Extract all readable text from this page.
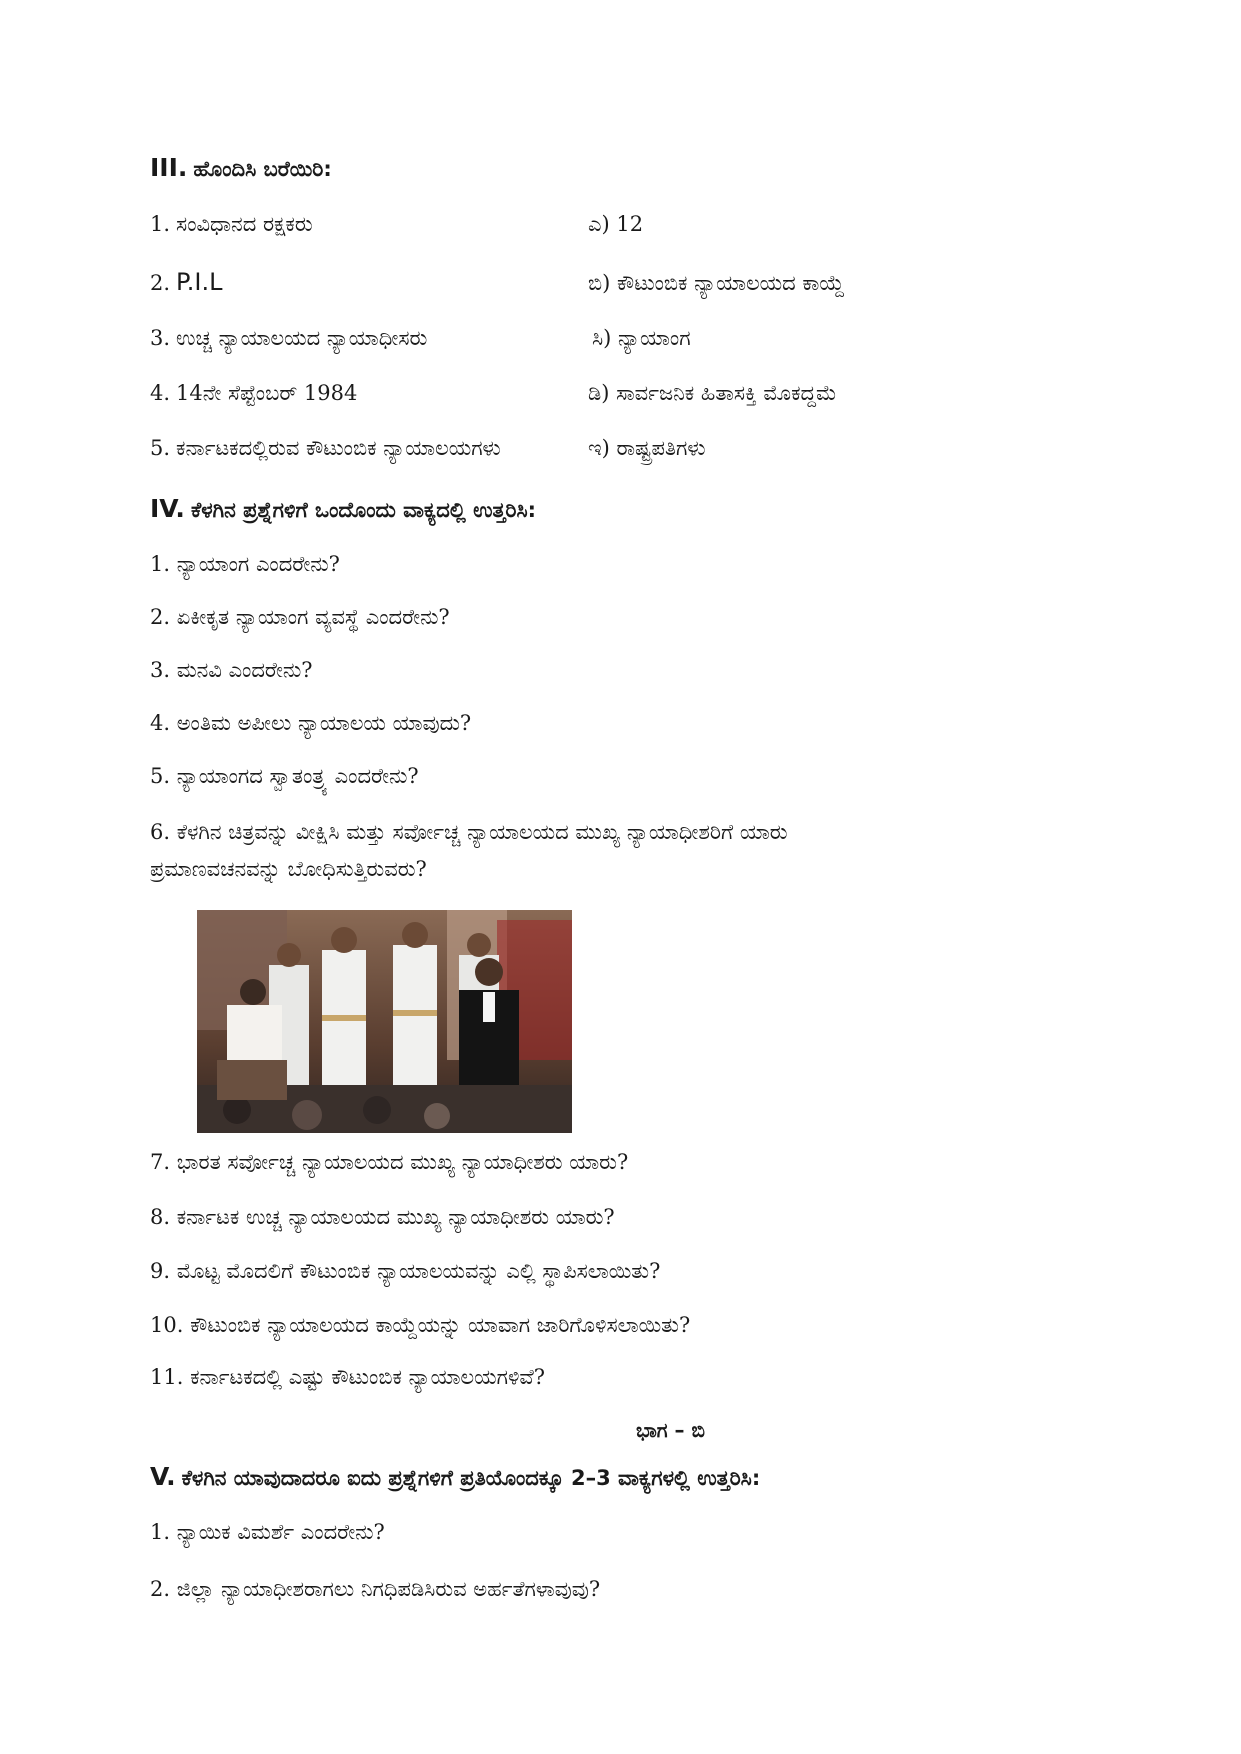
III. ಹೊಂದಿಸಿ ಬರೆಯಿರಿ:
1. ಸಂವಿಧಾನದ ರಕ್ಷಕರು	ಎ) 12
2. P.I.L	ಬಿ) ಕೌಟುಂಬಿಕ ನ್ಯಾಯಾಲಯದ ಕಾಯ್ದೆ
3. ಉಚ್ಚ ನ್ಯಾಯಾಲಯದ ನ್ಯಾಯಾಧೀಸರು	ಸಿ) ನ್ಯಾಯಾಂಗ
4. 14ನೇ ಸೆಪ್ಟೆಂಬರ್ 1984	ಡಿ) ಸಾರ್ವಜನಿಕ ಹಿತಾಸಕ್ತಿ ಮೊಕದ್ದಮೆ
5. ಕರ್ನಾಟಕದಲ್ಲಿರುವ ಕೌಟುಂಬಿಕ ನ್ಯಾಯಾಲಯಗಳು	ಇ) ರಾಷ್ಟ್ರಪತಿಗಳು
IV. ಕೆಳಗಿನ ಪ್ರಶ್ನೆಗಳಿಗೆ ಒಂದೊಂದು ವಾಕ್ಯದಲ್ಲಿ ಉತ್ತರಿಸಿ:
1. ನ್ಯಾಯಾಂಗ ಎಂದರೇನು?
2. ಏಕೀಕೃತ ನ್ಯಾಯಾಂಗ ವ್ಯವಸ್ಥೆ ಎಂದರೇನು?
3. ಮನವಿ ಎಂದರೇನು?
4. ಅಂತಿಮ ಅಪೀಲು ನ್ಯಾಯಾಲಯ ಯಾವುದು?
5. ನ್ಯಾಯಾಂಗದ ಸ್ವಾತಂತ್ರ್ಯ ಎಂದರೇನು?
6. ಕೆಳಗಿನ ಚಿತ್ರವನ್ನು ವೀಕ್ಷಿಸಿ ಮತ್ತು ಸರ್ವೋಚ್ಚ ನ್ಯಾಯಾಲಯದ ಮುಖ್ಯ ನ್ಯಾಯಾಧೀಶರಿಗೆ ಯಾರು
ಪ್ರಮಾಣವಚನವನ್ನು ಬೋಧಿಸುತ್ತಿರುವರು?
7. ಭಾರತ ಸರ್ವೋಚ್ಚ ನ್ಯಾಯಾಲಯದ ಮುಖ್ಯ ನ್ಯಾಯಾಧೀಶರು ಯಾರು?
8. ಕರ್ನಾಟಕ ಉಚ್ಚ ನ್ಯಾಯಾಲಯದ ಮುಖ್ಯ ನ್ಯಾಯಾಧೀಶರು ಯಾರು?
9. ಮೊಟ್ಟ ಮೊದಲಿಗೆ ಕೌಟುಂಬಿಕ ನ್ಯಾಯಾಲಯವನ್ನು ಎಲ್ಲಿ ಸ್ಥಾಪಿಸಲಾಯಿತು?
10. ಕೌಟುಂಬಿಕ ನ್ಯಾಯಾಲಯದ ಕಾಯ್ದೆಯನ್ನು ಯಾವಾಗ ಜಾರಿಗೊಳಿಸಲಾಯಿತು?
11. ಕರ್ನಾಟಕದಲ್ಲಿ ಎಷ್ಟು ಕೌಟುಂಬಿಕ ನ್ಯಾಯಾಲಯಗಳಿವೆ?
ಭಾಗ – ಬಿ
V. ಕೆಳಗಿನ ಯಾವುದಾದರೂ ಐದು ಪ್ರಶ್ನೆಗಳಿಗೆ ಪ್ರತಿಯೊಂದಕ್ಕೂ 2–3 ವಾಕ್ಯಗಳಲ್ಲಿ ಉತ್ತರಿಸಿ:
1. ನ್ಯಾಯಿಕ ವಿಮರ್ಶೆ ಎಂದರೇನು?
2. ಜಿಲ್ಲಾ ನ್ಯಾಯಾಧೀಶರಾಗಲು ನಿಗಧಿಪಡಿಸಿರುವ ಅರ್ಹತೆಗಳಾವುವು?
